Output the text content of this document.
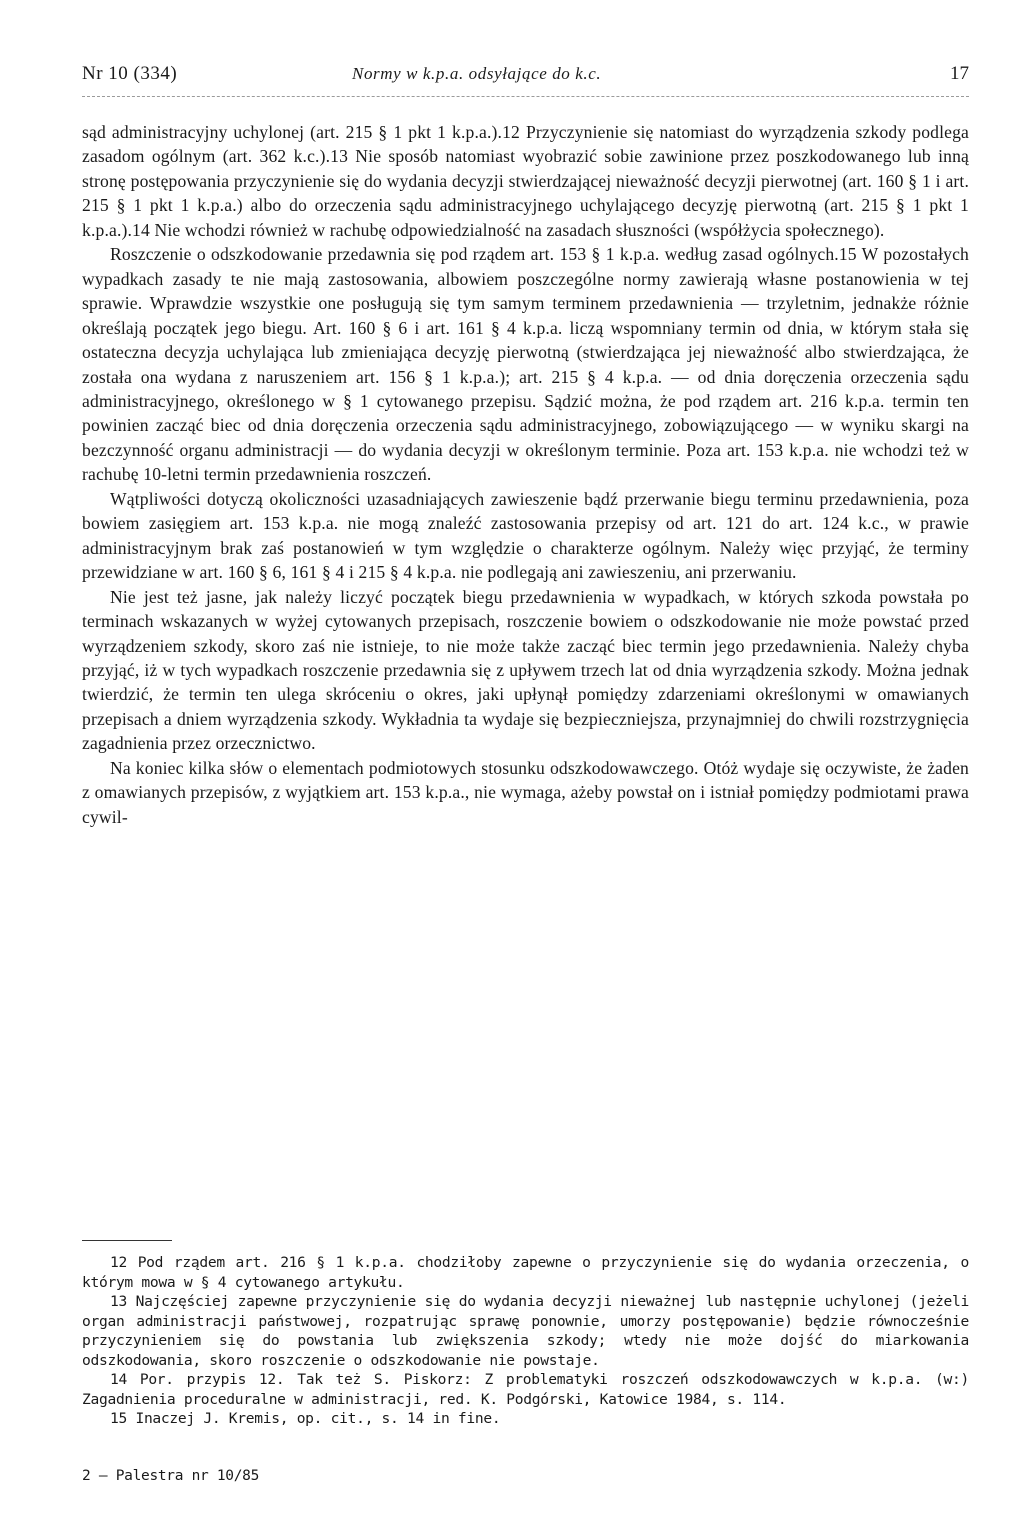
Nr 10 (334)	Normy w k.p.a. odsyłające do k.c.	17

sąd administracyjny uchylonej (art. 215 § 1 pkt 1 k.p.a.).12 Przyczynienie się natomiast do wyrządzenia szkody podlega zasadom ogólnym (art. 362 k.c.).13 Nie sposób natomiast wyobrazić sobie zawinione przez poszkodowanego lub inną stronę postępowania przyczynienie się do wydania decyzji stwierdzającej nieważność decyzji pierwotnej (art. 160 § 1 i art. 215 § 1 pkt 1 k.p.a.) albo do orzeczenia sądu administracyjnego uchylającego decyzję pierwotną (art. 215 § 1 pkt 1 k.p.a.).14 Nie wchodzi również w rachubę odpowiedzialność na zasadach słuszności (współżycia społecznego).

Roszczenie o odszkodowanie przedawnia się pod rządem art. 153 § 1 k.p.a. według zasad ogólnych.15 W pozostałych wypadkach zasady te nie mają zastosowania, albowiem poszczególne normy zawierają własne postanowienia w tej sprawie. Wprawdzie wszystkie one posługują się tym samym terminem przedawnienia — trzyletnim, jednakże różnie określają początek jego biegu. Art. 160 § 6 i art. 161 § 4 k.p.a. liczą wspomniany termin od dnia, w którym stała się ostateczna decyzja uchylająca lub zmieniająca decyzję pierwotną (stwierdzająca jej nieważność albo stwierdzająca, że została ona wydana z naruszeniem art. 156 § 1 k.p.a.); art. 215 § 4 k.p.a. — od dnia doręczenia orzeczenia sądu administracyjnego, określonego w § 1 cytowanego przepisu. Sądzić można, że pod rządem art. 216 k.p.a. termin ten powinien zacząć biec od dnia doręczenia orzeczenia sądu administracyjnego, zobowiązującego — w wyniku skargi na bezczynność organu administracji — do wydania decyzji w określonym terminie. Poza art. 153 k.p.a. nie wchodzi też w rachubę 10-letni termin przedawnienia roszczeń.

Wątpliwości dotyczą okoliczności uzasadniających zawieszenie bądź przerwanie biegu terminu przedawnienia, poza bowiem zasięgiem art. 153 k.p.a. nie mogą znaleźć zastosowania przepisy od art. 121 do art. 124 k.c., w prawie administracyjnym brak zaś postanowień w tym względzie o charakterze ogólnym. Należy więc przyjąć, że terminy przewidziane w art. 160 § 6, 161 § 4 i 215 § 4 k.p.a. nie podlegają ani zawieszeniu, ani przerwaniu.

Nie jest też jasne, jak należy liczyć początek biegu przedawnienia w wypadkach, w których szkoda powstała po terminach wskazanych w wyżej cytowanych przepisach, roszczenie bowiem o odszkodowanie nie może powstać przed wyrządzeniem szkody, skoro zaś nie istnieje, to nie może także zacząć biec termin jego przedawnienia. Należy chyba przyjąć, iż w tych wypadkach roszczenie przedawnia się z upływem trzech lat od dnia wyrządzenia szkody. Można jednak twierdzić, że termin ten ulega skróceniu o okres, jaki upłynął pomiędzy zdarzeniami określonymi w omawianych przepisach a dniem wyrządzenia szkody. Wykładnia ta wydaje się bezpieczniejsza, przynajmniej do chwili rozstrzygnięcia zagadnienia przez orzecznictwo.

Na koniec kilka słów o elementach podmiotowych stosunku odszkodowawczego. Otóż wydaje się oczywiste, że żaden z omawianych przepisów, z wyjątkiem art. 153 k.p.a., nie wymaga, ażeby powstał on i istniał pomiędzy podmiotami prawa cywil-

12 Pod rządem art. 216 § 1 k.p.a. chodziłoby zapewne o przyczynienie się do wydania orzeczenia, o którym mowa w § 4 cytowanego artykułu.

13 Najczęściej zapewne przyczynienie się do wydania decyzji nieważnej lub następnie uchylonej (jeżeli organ administracji państwowej, rozpatrując sprawę ponownie, umorzy postępowanie) będzie równocześnie przyczynieniem się do powstania lub zwiększenia szkody; wtedy nie może dojść do miarkowania odszkodowania, skoro roszczenie o odszkodowanie nie powstaje.

14 Por. przypis 12. Tak też S. Piskorz: Z problematyki roszczeń odszkodowawczych w k.p.a. (w:) Zagadnienia proceduralne w administracji, red. K. Podgórski, Katowice 1984, s. 114.

15 Inaczej J. Kremis, op. cit., s. 14 in fine.

2 — Palestra nr 10/85
